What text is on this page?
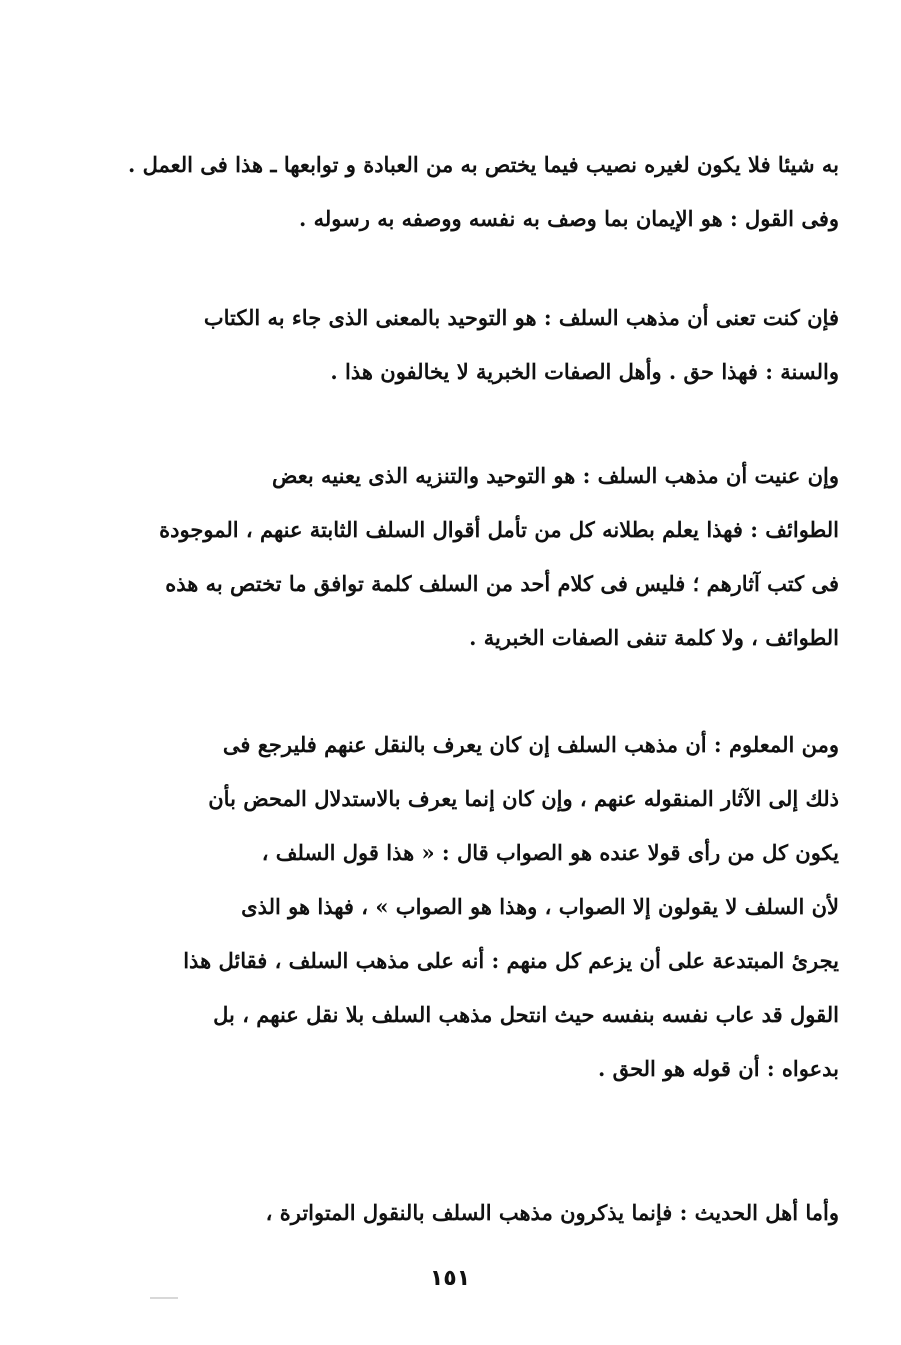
به شيئا فلا يكون لغيره نصيب فيما يختص به من العبادة و توابعها ـ هذا فى العمل .
وفى القول : هو الإيمان بما وصف به نفسه ووصفه به رسوله .
فإن كنت تعنى أن مذهب السلف : هو التوحيد بالمعنى الذى جاء به الكتاب
والسنة : فهذا حق . وأهل الصفات الخبرية لا يخالفون هذا .
وإن عنيت أن مذهب السلف : هو التوحيد والتنزيه الذى يعنيه بعض
الطوائف : فهذا يعلم بطلانه كل من تأمل أقوال السلف الثابتة عنهم ، الموجودة
فى كتب آثارهم ؛ فليس فى كلام أحد من السلف كلمة توافق ما تختص به هذه
الطوائف ، ولا كلمة تنفى الصفات الخبرية .
ومن المعلوم : أن مذهب السلف إن كان يعرف بالنقل عنهم فليرجع فى
ذلك إلى الآثار المنقوله عنهم ، وإن كان إنما يعرف بالاستدلال المحض بأن
يكون كل من رأى قولا عنده هو الصواب قال : « هذا قول السلف ،
لأن السلف لا يقولون إلا الصواب ، وهذا هو الصواب » ، فهذا هو الذى
يجرئ المبتدعة على أن يزعم كل منهم : أنه على مذهب السلف ، فقائل هذا
القول قد عاب نفسه بنفسه حيث انتحل مذهب السلف بلا نقل عنهم ، بل
بدعواه : أن قوله هو الحق .
وأما أهل الحديث : فإنما يذكرون مذهب السلف بالنقول المتواترة ،
١٥١
